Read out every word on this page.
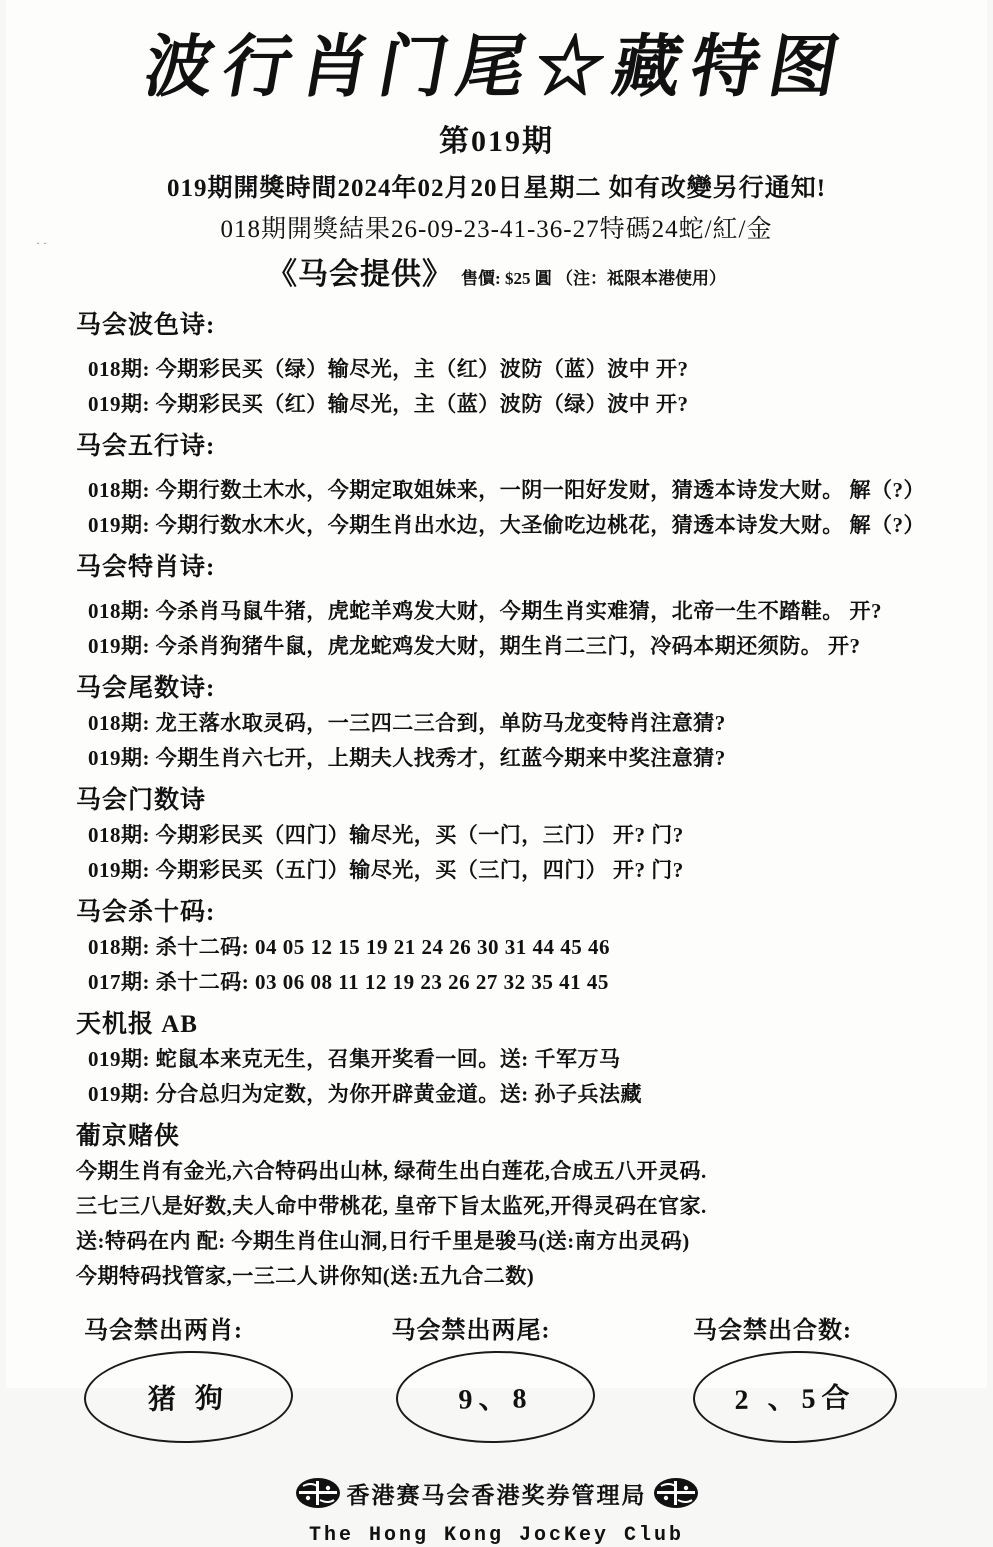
· ·
波行肖门尾☆藏特图
第019期
019期開獎時間2024年02月20日星期二 如有改變另行通知!
018期開獎結果26-09-23-41-36-27特碼24蛇/紅/金
《马会提供》 售價: $25 圓 （注：祗限本港使用）
马会波色诗:
018期: 今期彩民买（绿）输尽光，主（红）波防（蓝）波中 开?
019期: 今期彩民买（红）输尽光，主（蓝）波防（绿）波中 开?
马会五行诗:
018期: 今期行数土木水，今期定取姐妹来，一阴一阳好发财，猜透本诗发大财。 解（?）
019期: 今期行数水木火，今期生肖出水边，大圣偷吃边桃花，猜透本诗发大财。 解（?）
马会特肖诗:
018期: 今杀肖马鼠牛猪，虎蛇羊鸡发大财，今期生肖实难猜，北帝一生不踏鞋。 开?
019期: 今杀肖狗猪牛鼠，虎龙蛇鸡发大财，期生肖二三门，冷码本期还须防。 开?
马会尾数诗:
018期: 龙王落水取灵码，一三四二三合到，单防马龙变特肖注意猜?
019期: 今期生肖六七开，上期夫人找秀才，红蓝今期来中奖注意猜?
马会门数诗
018期: 今期彩民买（四门）输尽光，买（一门，三门） 开? 门?
019期: 今期彩民买（五门）输尽光，买（三门，四门） 开? 门?
马会杀十码:
018期: 杀十二码: 04 05 12 15 19 21 24 26 30 31 44 45 46
017期: 杀十二码: 03 06 08 11 12 19 23 26 27 32 35 41 45
天机报 AB
019期: 蛇鼠本来克无生，召集开奖看一回。送: 千军万马
019期: 分合总归为定数，为你开辟黄金道。送: 孙子兵法藏
葡京赌侠
今期生肖有金光,六合特码出山林, 绿荷生出白莲花,合成五八开灵码.
三七三八是好数,夫人命中带桃花, 皇帝下旨太监死,开得灵码在官家.
送:特码在内 配: 今期生肖住山洞,日行千里是骏马(送:南方出灵码)
今期特码找管家,一三二人讲你知(送:五九合二数)
马会禁出两肖:
猪 狗
马会禁出两尾:
9、8
马会禁出合数:
2 、5合
香港赛马会香港奖券管理局
The Hong Kong JocKey Club
